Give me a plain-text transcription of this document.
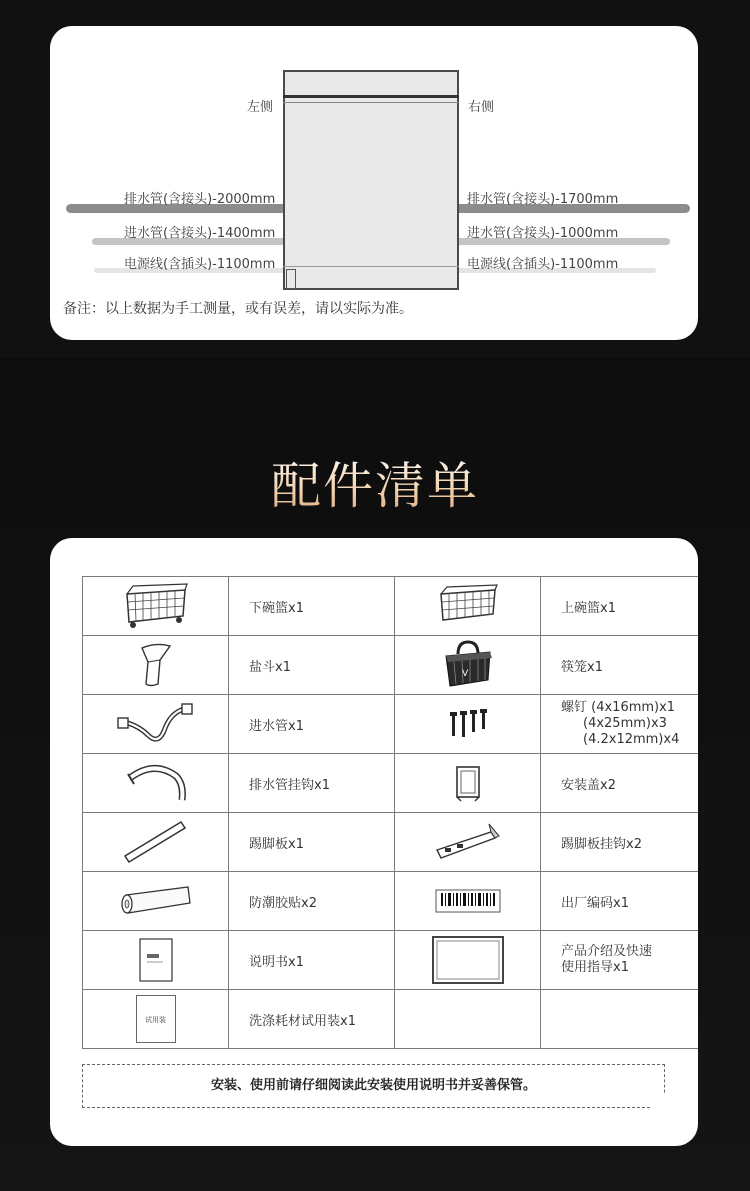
左侧	右侧
排水管(含接头)-2000mm
进水管(含接头)-1400mm
电源线(含插头)-1100mm
排水管(含接头)-1700mm
进水管(含接头)-1000mm
电源线(含插头)-1100mm
备注：以上数据为手工测量，或有误差，请以实际为准。
配件清单
	下碗篮x1		上碗篮x1
	盐斗x1	V	筷笼x1
	进水管x1		螺钉 (4x16mm)x1
(4x25mm)x3
(4.2x12mm)x4

	排水管挂钩x1		安装盖x2
	踢脚板x1		踢脚板挂钩x2
	防潮胶贴x2		出厂编码x1
	说明书x1		产品介绍及快速
使用指导x1

试用装	洗涤耗材试用装x1		
安装、使用前请仔细阅读此安装使用说明书并妥善保管。
